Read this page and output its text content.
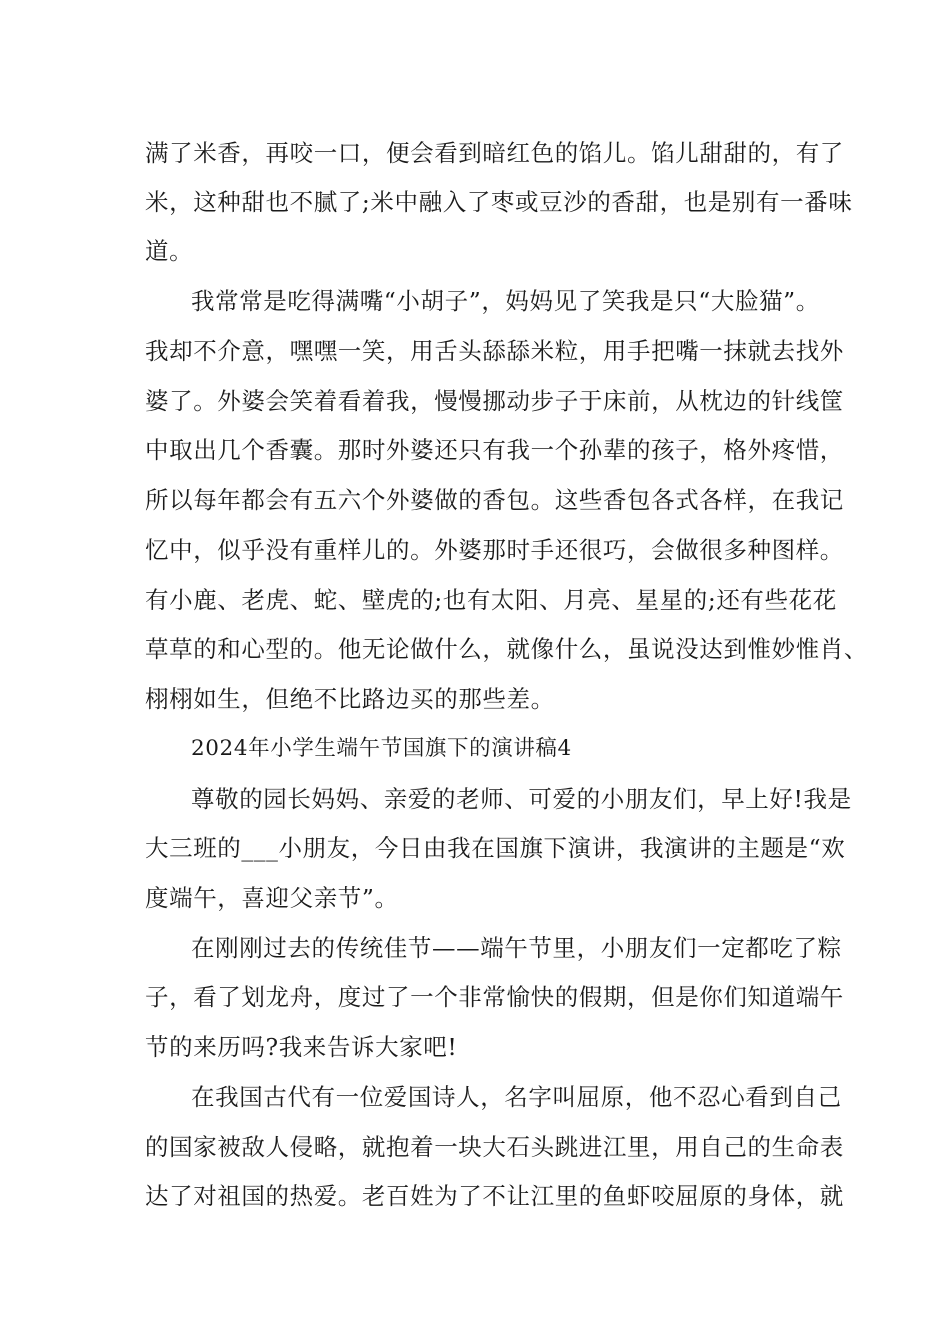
满了米香，再咬一口，便会看到暗红色的馅儿。馅儿甜甜的，有了
米，这种甜也不腻了;米中融入了枣或豆沙的香甜，也是别有一番味
道。
我常常是吃得满嘴“小胡子”，妈妈见了笑我是只“大脸猫”。
我却不介意，嘿嘿一笑，用舌头舔舔米粒，用手把嘴一抹就去找外
婆了。外婆会笑着看着我，慢慢挪动步子于床前，从枕边的针线筐
中取出几个香囊。那时外婆还只有我一个孙辈的孩子，格外疼惜，
所以每年都会有五六个外婆做的香包。这些香包各式各样，在我记
忆中，似乎没有重样儿的。外婆那时手还很巧，会做很多种图样。
有小鹿、老虎、蛇、壁虎的;也有太阳、月亮、星星的;还有些花花
草草的和心型的。他无论做什么，就像什么，虽说没达到惟妙惟肖、
栩栩如生，但绝不比路边买的那些差。
2024年小学生端午节国旗下的演讲稿4
尊敬的园长妈妈、亲爱的老师、可爱的小朋友们，早上好!我是
大三班的___小朋友，今日由我在国旗下演讲，我演讲的主题是“欢
度端午，喜迎父亲节”。
在刚刚过去的传统佳节——端午节里，小朋友们一定都吃了粽
子，看了划龙舟，度过了一个非常愉快的假期，但是你们知道端午
节的来历吗?我来告诉大家吧!
在我国古代有一位爱国诗人，名字叫屈原，他不忍心看到自己
的国家被敌人侵略，就抱着一块大石头跳进江里，用自己的生命表
达了对祖国的热爱。老百姓为了不让江里的鱼虾咬屈原的身体，就
